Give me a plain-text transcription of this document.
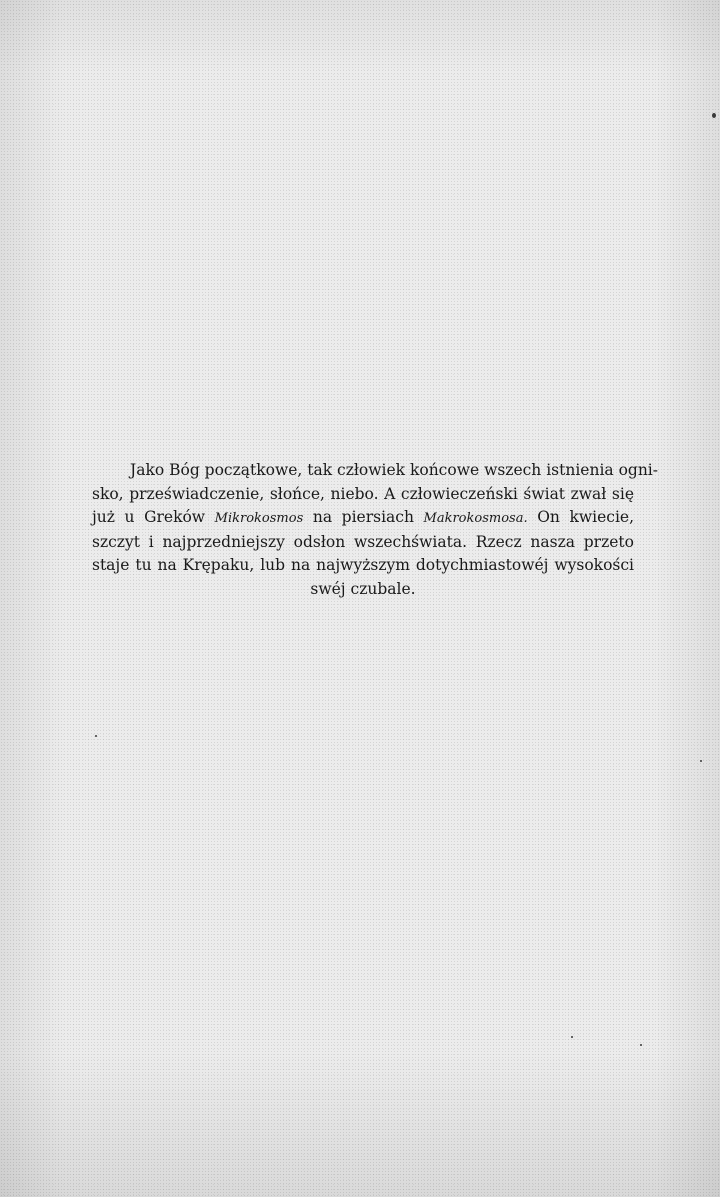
Jako Bóg początkowe, tak człowiek końcowe wszech istnienia ogni-
sko, przeświadczenie, słońce, niebo. A człowieczeński świat zwał się
już u Greków Mikrokosmos na piersiach Makrokosmosa. On kwiecie,
szczyt i najprzedniejszy odsłon wszechświata. Rzecz nasza przeto
staje tu na Krępaku, lub na najwyższym dotychmiastowéj wysokości
swéj czubale.
